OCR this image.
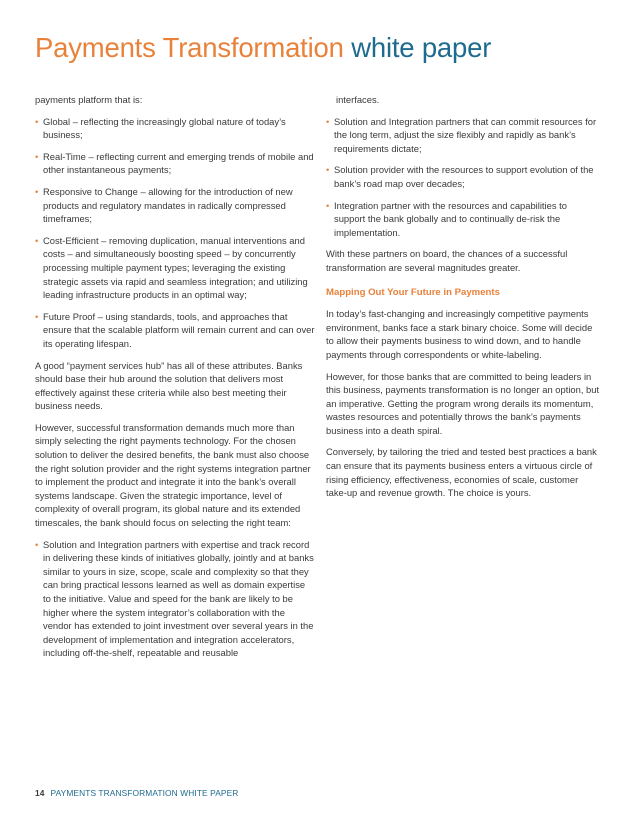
Payments Transformation white paper

payments platform that is:

• Global – reflecting the increasingly global nature of today’s business;
• Real-Time – reflecting current and emerging trends of mobile and other instantaneous payments;
• Responsive to Change – allowing for the introduction of new products and regulatory mandates in radically compressed timeframes;
• Cost-Efficient – removing duplication, manual interventions and costs – and simultaneously boosting speed – by concurrently processing multiple payment types; leveraging the existing strategic assets via rapid and seamless integration; and utilizing leading infrastructure products in an optimal way;
• Future Proof – using standards, tools, and approaches that ensure that the scalable platform will remain current and can over its operating lifespan.

A good “payment services hub” has all of these attributes. Banks should base their hub around the solution that delivers most effectively against these criteria while also best meeting their business needs.

However, successful transformation demands much more than simply selecting the right payments technology. For the chosen solution to deliver the desired benefits, the bank must also choose the right solution provider and the right systems integration partner to implement the product and integrate it into the bank’s overall systems landscape. Given the strategic importance, level of complexity of overall program, its global nature and its extended timescales, the bank should focus on selecting the right team:

• Solution and Integration partners with expertise and track record in delivering these kinds of initiatives globally, jointly and at banks similar to yours in size, scope, scale and complexity so that they can bring practical lessons learned as well as domain expertise to the initiative. Value and speed for the bank are likely to be higher where the system integrator’s collaboration with the vendor has extended to joint investment over several years in the development of implementation and integration accelerators, including off-the-shelf, repeatable and reusable

interfaces.

• Solution and Integration partners that can commit resources for the long term, adjust the size flexibly and rapidly as bank’s requirements dictate;
• Solution provider with the resources to support evolution of the bank’s road map over decades;
• Integration partner with the resources and capabilities to support the bank globally and to continually de-risk the implementation.

With these partners on board, the chances of a successful transformation are several magnitudes greater.

Mapping Out Your Future in Payments

In today’s fast-changing and increasingly competitive payments environment, banks face a stark binary choice. Some will decide to allow their payments business to wind down, and to handle payments through correspondents or white-labeling.

However, for those banks that are committed to being leaders in this business, payments transformation is no longer an option, but an imperative. Getting the program wrong derails its momentum, wastes resources and potentially throws the bank’s payments business into a death spiral.

Conversely, by tailoring the tried and tested best practices a bank can ensure that its payments business enters a virtuous circle of rising efficiency, effectiveness, economies of scale, customer take-up and revenue growth. The choice is yours.

14 PAYMENTS TRANSFORMATION WHITE PAPER
